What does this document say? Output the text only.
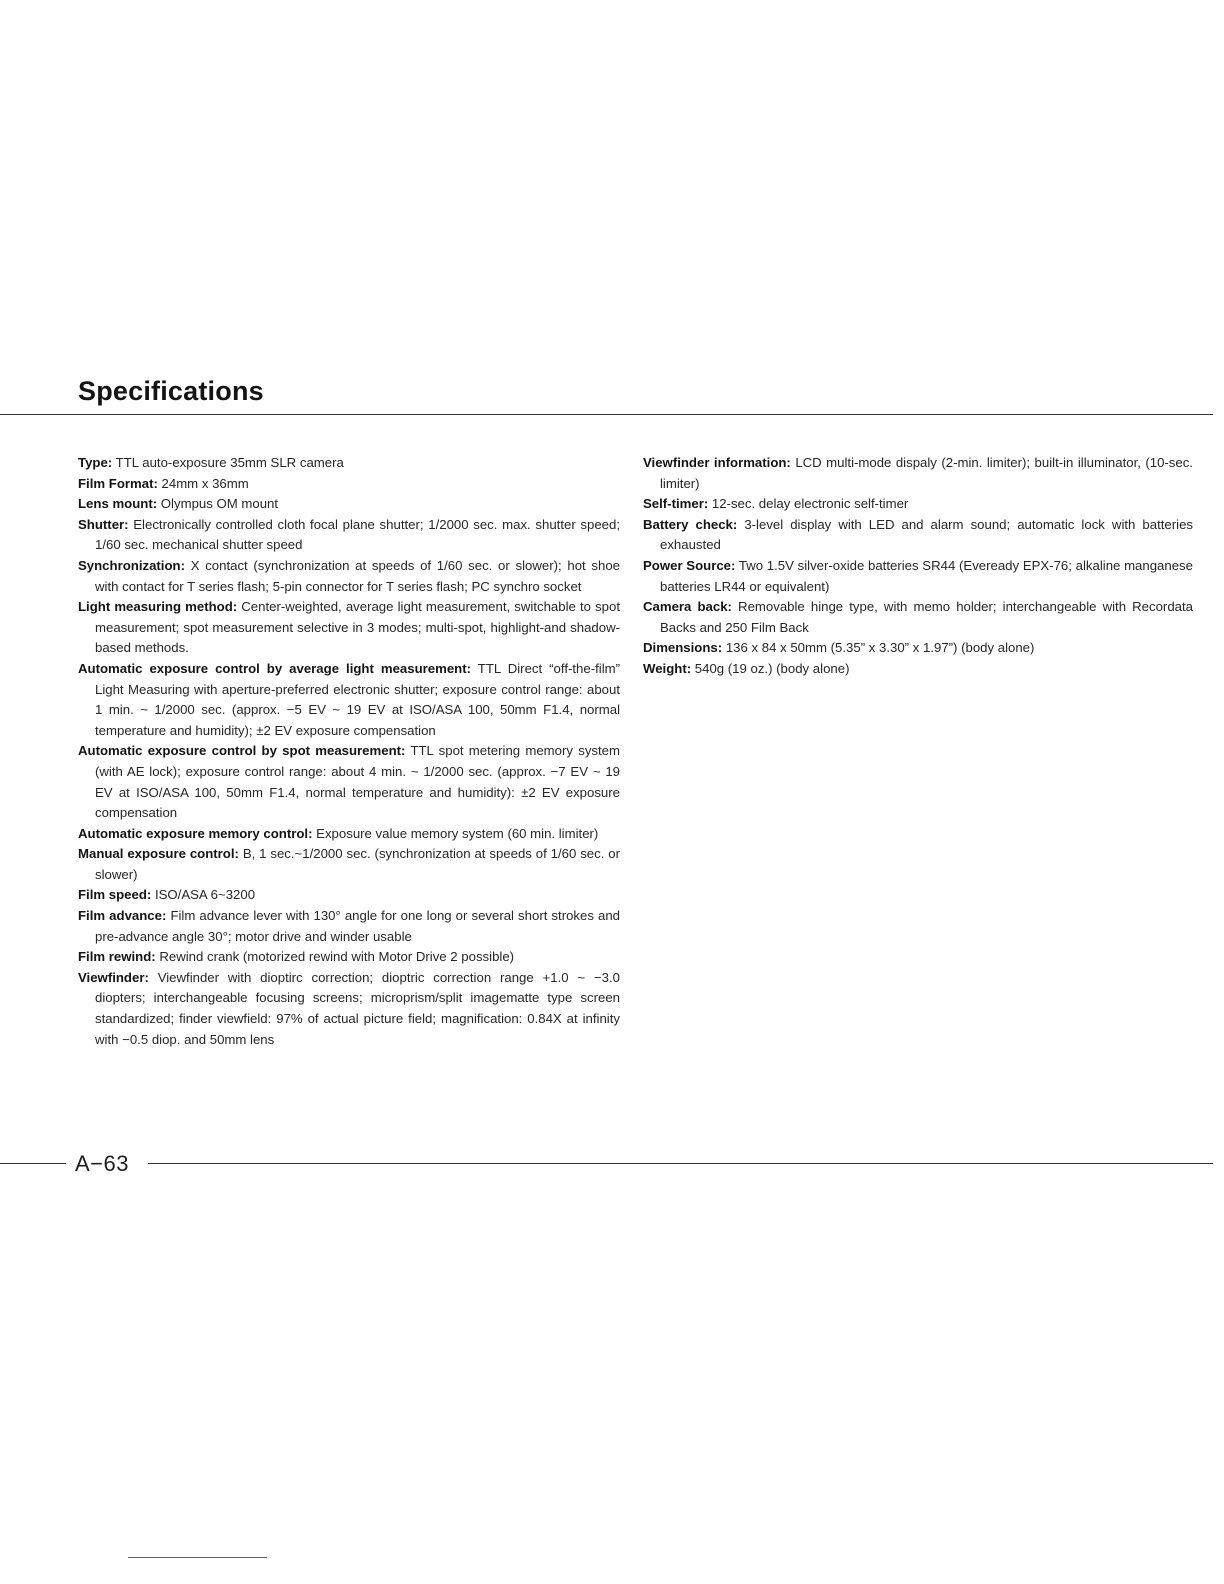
Specifications

Type: TTL auto-exposure 35mm SLR camera

Film Format: 24mm x 36mm

Lens mount: Olympus OM mount

Shutter: Electronically controlled cloth focal plane shutter; 1/2000 sec. max. shutter speed; 1/60 sec. mechanical shutter speed

Synchronization: X contact (synchronization at speeds of 1/60 sec. or slower); hot shoe with contact for T series flash; 5-pin connector for T series flash; PC synchro socket

Light measuring method: Center-weighted, average light measurement, switchable to spot measurement; spot measurement selective in 3 modes; multi-spot, highlight-and shadow-based methods.

Automatic exposure control by average light measurement: TTL Direct “off-the-film” Light Measuring with aperture-preferred electronic shutter; exposure control range: about 1 min. ~ 1/2000 sec. (approx. −5 EV ~ 19 EV at ISO/ASA 100, 50mm F1.4, normal temperature and humidity); ±2 EV exposure compensation

Automatic exposure control by spot measurement: TTL spot metering memory system (with AE lock); exposure control range: about 4 min. ~ 1/2000 sec. (approx. −7 EV ~ 19 EV at ISO/ASA 100, 50mm F1.4, normal temperature and humidity): ±2 EV exposure compensation

Automatic exposure memory control: Exposure value memory system (60 min. limiter)

Manual exposure control: B, 1 sec.~1/2000 sec. (synchronization at speeds of 1/60 sec. or slower)

Film speed: ISO/ASA 6~3200

Film advance: Film advance lever with 130° angle for one long or several short strokes and pre-advance angle 30°; motor drive and winder usable

Film rewind: Rewind crank (motorized rewind with Motor Drive 2 possible)

Viewfinder: Viewfinder with dioptirc correction; dioptric correction range +1.0 ~ −3.0 diopters; interchangeable focusing screens; microprism/split imagematte type screen standardized; finder viewfield: 97% of actual picture field; magnification: 0.84X at infinity with −0.5 diop. and 50mm lens

Viewfinder information: LCD multi-mode dispaly (2-min. limiter); built-in illuminator, (10-sec. limiter)

Self-timer: 12-sec. delay electronic self-timer

Battery check: 3-level display with LED and alarm sound; automatic lock with batteries exhausted

Power Source: Two 1.5V silver-oxide batteries SR44 (Eveready EPX-76; alkaline manganese batteries LR44 or equivalent)

Camera back: Removable hinge type, with memo holder; interchangeable with Recordata Backs and 250 Film Back

Dimensions: 136 x 84 x 50mm (5.35” x 3.30” x 1.97”) (body alone)

Weight: 540g (19 oz.) (body alone)

A−63
